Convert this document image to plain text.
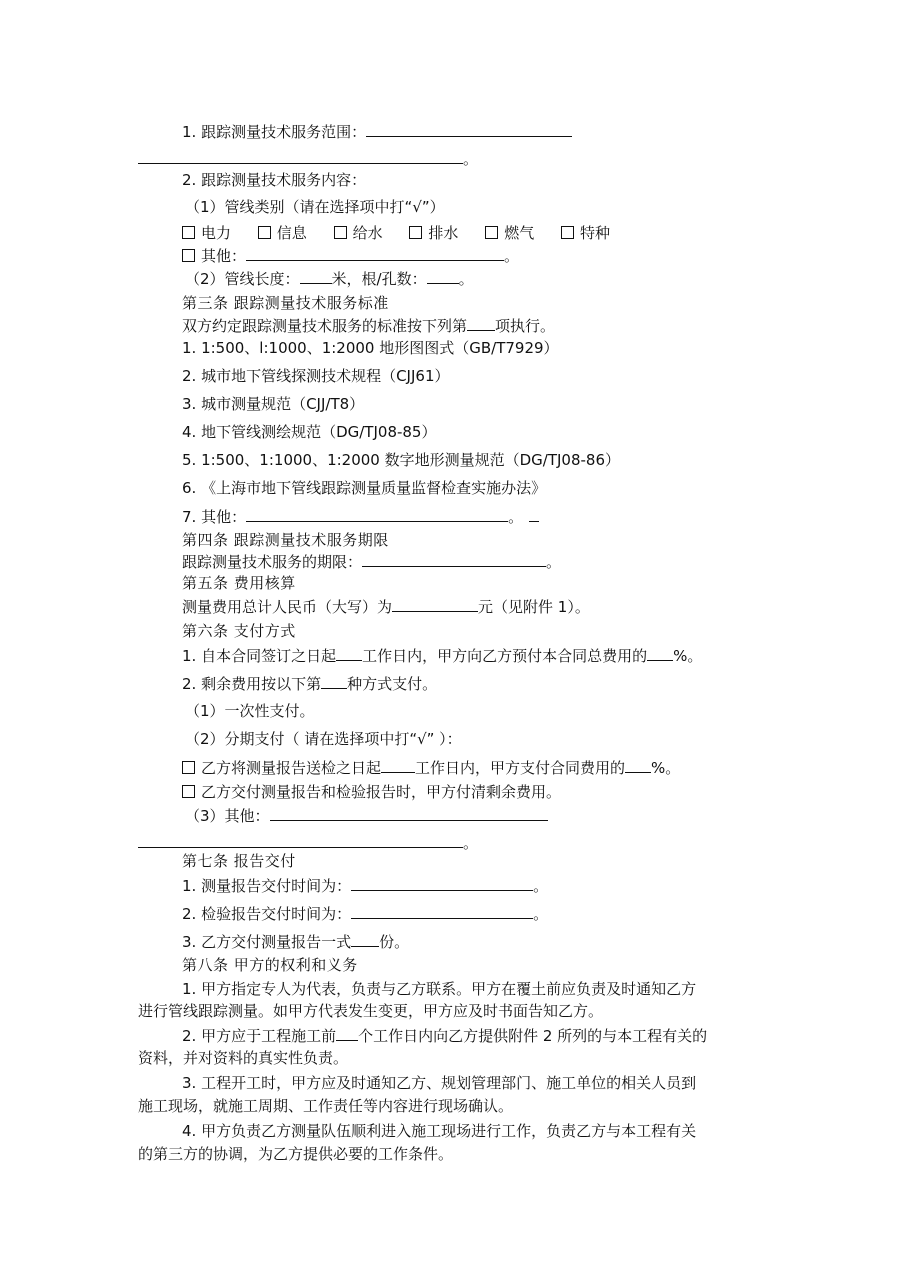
1. 跟踪测量技术服务范围：
。
2. 跟踪测量技术服务内容：
（1）管线类别（请在选择项中打“√”）
电力	信息	给水	排水	燃气	特种
其他：	。
（2）管线长度： 米，根/孔数： 。
第三条 跟踪测量技术服务标准
双方约定跟踪测量技术服务的标准按下列第 项执行。
1. 1:500、l:1000、1:2000 地形图图式（GB/T7929）
2. 城市地下管线探测技术规程（CJJ61）
3. 城市测量规范（CJJ/T8）
4. 地下管线测绘规范（DG/TJ08-85）
5. 1:500、1:1000、1:2000 数字地形测量规范（DG/TJ08-86）
6. 《上海市地下管线跟踪测量质量监督检查实施办法》
7. 其他：	。
第四条 跟踪测量技术服务期限
跟踪测量技术服务的期限：	。
第五条 费用核算
测量费用总计人民币（大写）为	元（见附件 1）。
第六条 支付方式
1. 自本合同签订之日起 工作日内，甲方向乙方预付本合同总费用的 %。
2. 剩余费用按以下第 种方式支付。
（1）一次性支付。
（2）分期支付（ 请在选择项中打“√” ）：
乙方将测量报告送检之日起 工作日内，甲方支付合同费用的 %。
乙方交付测量报告和检验报告时，甲方付清剩余费用。
（3）其他：
。
第七条 报告交付
1. 测量报告交付时间为：	。
2. 检验报告交付时间为：	。
3. 乙方交付测量报告一式 份。
第八条 甲方的权利和义务
1. 甲方指定专人为代表，负责与乙方联系。甲方在覆土前应负责及时通知乙方
进行管线跟踪测量。如甲方代表发生变更，甲方应及时书面告知乙方。
2. 甲方应于工程施工前 个工作日内向乙方提供附件 2 所列的与本工程有关的
资料，并对资料的真实性负责。
3. 工程开工时，甲方应及时通知乙方、规划管理部门、施工单位的相关人员到
施工现场，就施工周期、工作责任等内容进行现场确认。
4. 甲方负责乙方测量队伍顺利进入施工现场进行工作，负责乙方与本工程有关
的第三方的协调，为乙方提供必要的工作条件。
